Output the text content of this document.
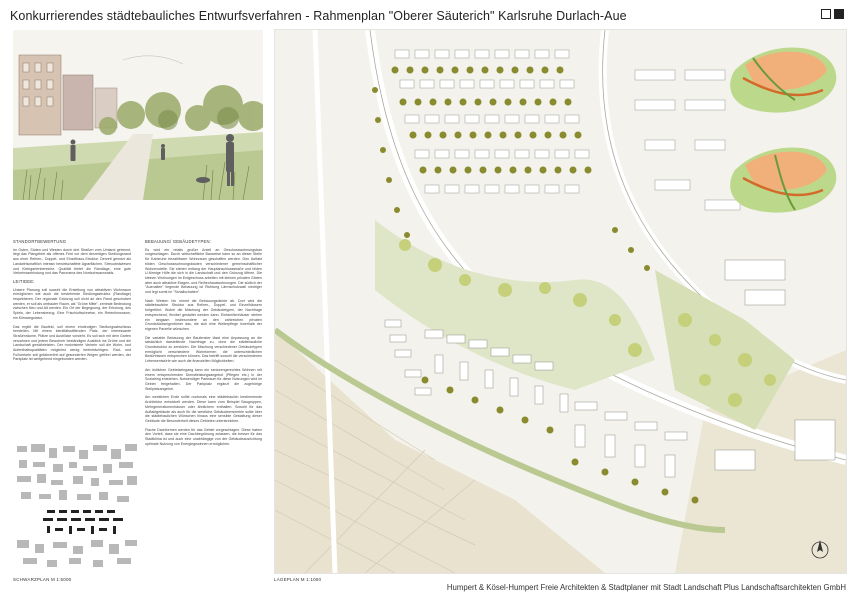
Konkurrierendes städtebauliches Entwurfsverfahren - Rahmenplan "Oberer Säuterich" Karlsruhe Durlach-Aue
STANDORTBEWERTUNG

Im Osten, Süden und Westen durch drei Straßen vom Umland getrennt, liegt das Plangebiet als offenes Feld vor dem derzeitigen Siedlungsrand aus einer Reihen-, Doppel- und Einzelhaus-Struktur. Derzeit genutzt als Landwirtschaftlich intensiv bewirtschaftete Agrarflächen, Streuobstwiesen und Kleingartenbereiche. Qualität bietet die Randlage, eine gute Verkehrsanbindung und das Panorama des Nordschwarzwalds.

LEITIDEE:

Unsere Planung soll sowohl die Erstellung von attraktiven Wohnraum ermöglichen wie auch die bestehende Siedlungsstruktur (Randlage) respektieren. Der regionale Grünzug soll nicht an den Rand geschoben werden, er soll als umbauter Raum, als "Grüne Mitte", zentrale Bedeutung zwischen Neu und Alt werden. Ein Ort der Begegnung, der Erholung, des Spiels, der Lebensbezug. Eine Frischluftschneise, ein Retentionsraum, ein Klimaregulator.

Das ergibt die Baufeld, soll einem eindeutigen Siedlungsabschluss herstellen. Mit einem identitätsstiftenden Platz, der interessante Straßenräume, Plätze und Ausblicke vorsieht. Es soll sich mit dem Garten verzahnen und jedem Bewohner beständigen Ausblick ins Grüne und die Landschaft gewährleisten. Der motorisierte Verkehr soll die Wohn- und Aufenthaltsqualitäten möglichst wenig beeinträchtigen. Rad- und Fußverkehr soll gefahrenfrei auf gesonderten Wegen geführt werden, der Parkplatz ist weitgehend eingebunden werden.

BEBAUUNG/ GEBÄUDETYPEN:

Es wird ein relativ großer Anteil an Geschosswohnungsbau vorgeschlagen. Durch wirtschaftliche Bauweise kann so an dieser Stelle für Karlsruhe bezahlbarer Wohnraum geschaffen werden. Den Auftakt bilden Geschosswohnungsbauten verschiedener gemeinschaftlicher Wohnmodelle. Sie stehen entlang der Hauptanschlussstraße und bilden U-förmige Höfe die sich in die Landschaft und den Grünzug öffnen. Die kleinen Wohnungen im Erdgeschoss arbeiten mit kleinen privaten Gärten aber auch attraktive Etagen- und Reihenhauswohnungen. Die südlich der "Auenallee" liegende Bebauung ist Richtung Lärmschutzwall niedriger und legt somit im "Schallschatten".

Nach Westen hin nimmt die Bebauungsdichte ab. Dort wird die städtebauliche Struktur aus Reihen-, Doppel- und Einzelhäusern fortgeführt. Wobei die Mischung der Gebäudetypen, der Nachfrage entsprechend, flexibel gestaltet werden kann. Einfamilienhäuser stehen ein langsam insbesondere an den zahlreichen privaten Grundstückseigentümer das, die sich eine Weiterpflege innerhalb der eigenen Parzelle wünschen.

Die variable Bebauung der Baufenster lässt eine Anpassung an die tatsächlich darstellende Nachfrage zu, ohne die städtebauliche Grundstruktur zu zerstören. Die Mischung verschiedener Gebäudetypen ermöglicht verschiedene Wohnformen die unterschiedlichen Bedürfnissen entsprechen können. Das betrifft sowohl die verschiedenen Lebensentwürfe wie auch die finanziellen Möglichkeiten.

Am östlichen Gebietseingang kann ein seniorengerechtes Wohnen mit einem entsprechenden Dienstleistungsangebot (Pflegen etc.) in der Sozialring entstehen. Notwendiger Parkraum für diese Nutzungen wird im Gebiet freigehalten. Der Parkplatz ergänzt die zugehörige Stellplatzangebot.

Am westlichen Ende sollte nochmals eine städtebaulich bestimmende Architektur entwickelt werden. Diese kann zum Beispiel Baugruppen, Mehrgenerationenhäuser oder ähnlichem enthalten. Sowohl für das Auftaktgebäude als auch für die westliche Gebäudeensemble sollte über die städtebaulichen Wünschen hinaus eine sensible Gestaltung dieser Gebäude die Besonderheit dieses Gebietes unterstreichen.

Flache Dachformen werden für das Gebiet vorgeschlagen. Diese haben den Vorteil, dass sie eine Dachbegrünung zulassen, die besser für das Stadtklima ist und auch eine unabhängige von der Gebäudeausrichtung optimale Nutzung von Energiegewinnen ermöglichen.

SCHWARZPLAN M 1:5000	LAGEPLAN M 1:1000
Humpert & Kösel-Humpert Freie Architekten & Stadtplaner mit Stadt Landschaft Plus Landschaftsarchitekten GmbH
